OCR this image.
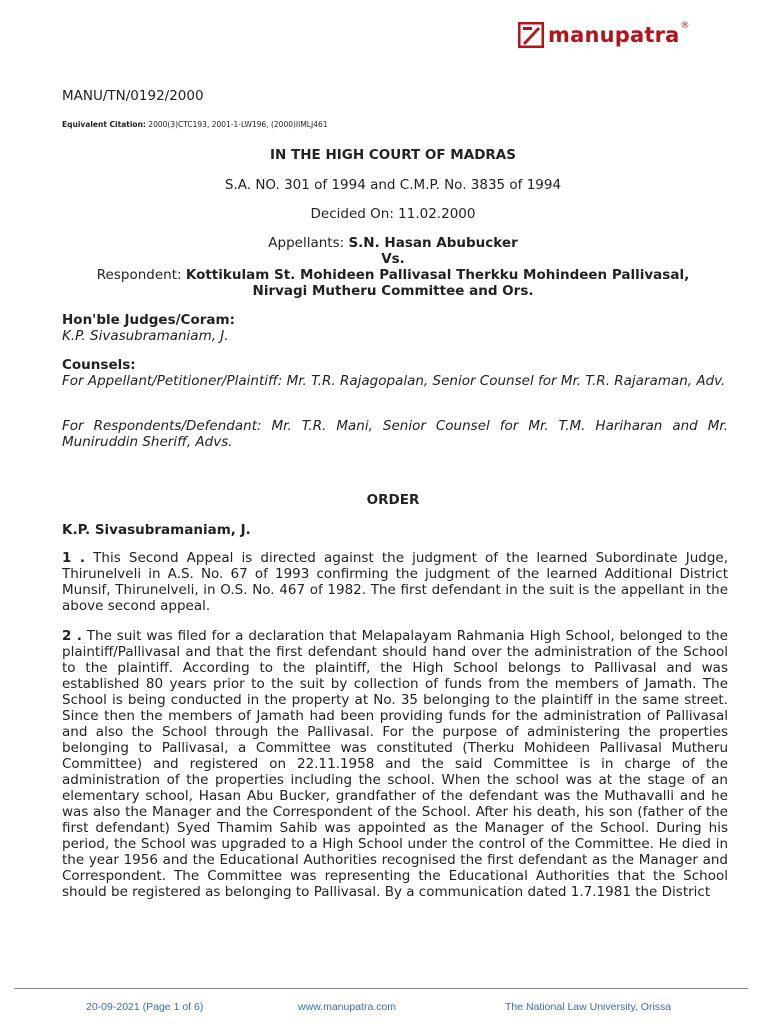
manupatra ®
MANU/TN/0192/2000
Equivalent Citation: 2000(3)CTC193, 2001-1-LW196, (2000)IIMLJ461
IN THE HIGH COURT OF MADRAS
S.A. NO. 301 of 1994 and C.M.P. No. 3835 of 1994
Decided On: 11.02.2000
Appellants: S.N. Hasan Abubucker
Vs.
Respondent: Kottikulam St. Mohideen Pallivasal Therkku Mohindeen Pallivasal,
Nirvagi Mutheru Committee and Ors.
Hon'ble Judges/Coram:
K.P. Sivasubramaniam, J.
Counsels:
For Appellant/Petitioner/Plaintiff: Mr. T.R. Rajagopalan, Senior Counsel for Mr. T.R. Rajaraman, Adv.
For Respondents/Defendant: Mr. T.R. Mani, Senior Counsel for Mr. T.M. Hariharan and Mr. Muniruddin Sheriff, Advs.
ORDER
K.P. Sivasubramaniam, J.
1 . This Second Appeal is directed against the judgment of the learned Subordinate Judge, Thirunelveli in A.S. No. 67 of 1993 confirming the judgment of the learned Additional District Munsif, Thirunelveli, in O.S. No. 467 of 1982. The first defendant in the suit is the appellant in the above second appeal.
2 . The suit was filed for a declaration that Melapalayam Rahmania High School, belonged to the plaintiff/Pallivasal and that the first defendant should hand over the administration of the School to the plaintiff. According to the plaintiff, the High School belongs to Pallivasal and was established 80 years prior to the suit by collection of funds from the members of Jamath. The School is being conducted in the property at No. 35 belonging to the plaintiff in the same street. Since then the members of Jamath had been providing funds for the administration of Pallivasal and also the School through the Pallivasal. For the purpose of administering the properties belonging to Pallivasal, a Committee was constituted (Therku Mohideen Pallivasal Mutheru Committee) and registered on 22.11.1958 and the said Committee is in charge of the administration of the properties including the school. When the school was at the stage of an elementary school, Hasan Abu Bucker, grandfather of the defendant was the Muthavalli and he was also the Manager and the Correspondent of the School. After his death, his son (father of the first defendant) Syed Thamim Sahib was appointed as the Manager of the School. During his period, the School was upgraded to a High School under the control of the Committee. He died in the year 1956 and the Educational Authorities recognised the first defendant as the Manager and Correspondent. The Committee was representing the Educational Authorities that the School should be registered as belonging to Pallivasal. By a communication dated 1.7.1981 the District
20-09-2021 (Page 1 of 6)	www.manupatra.com	The National Law University, Orissa
